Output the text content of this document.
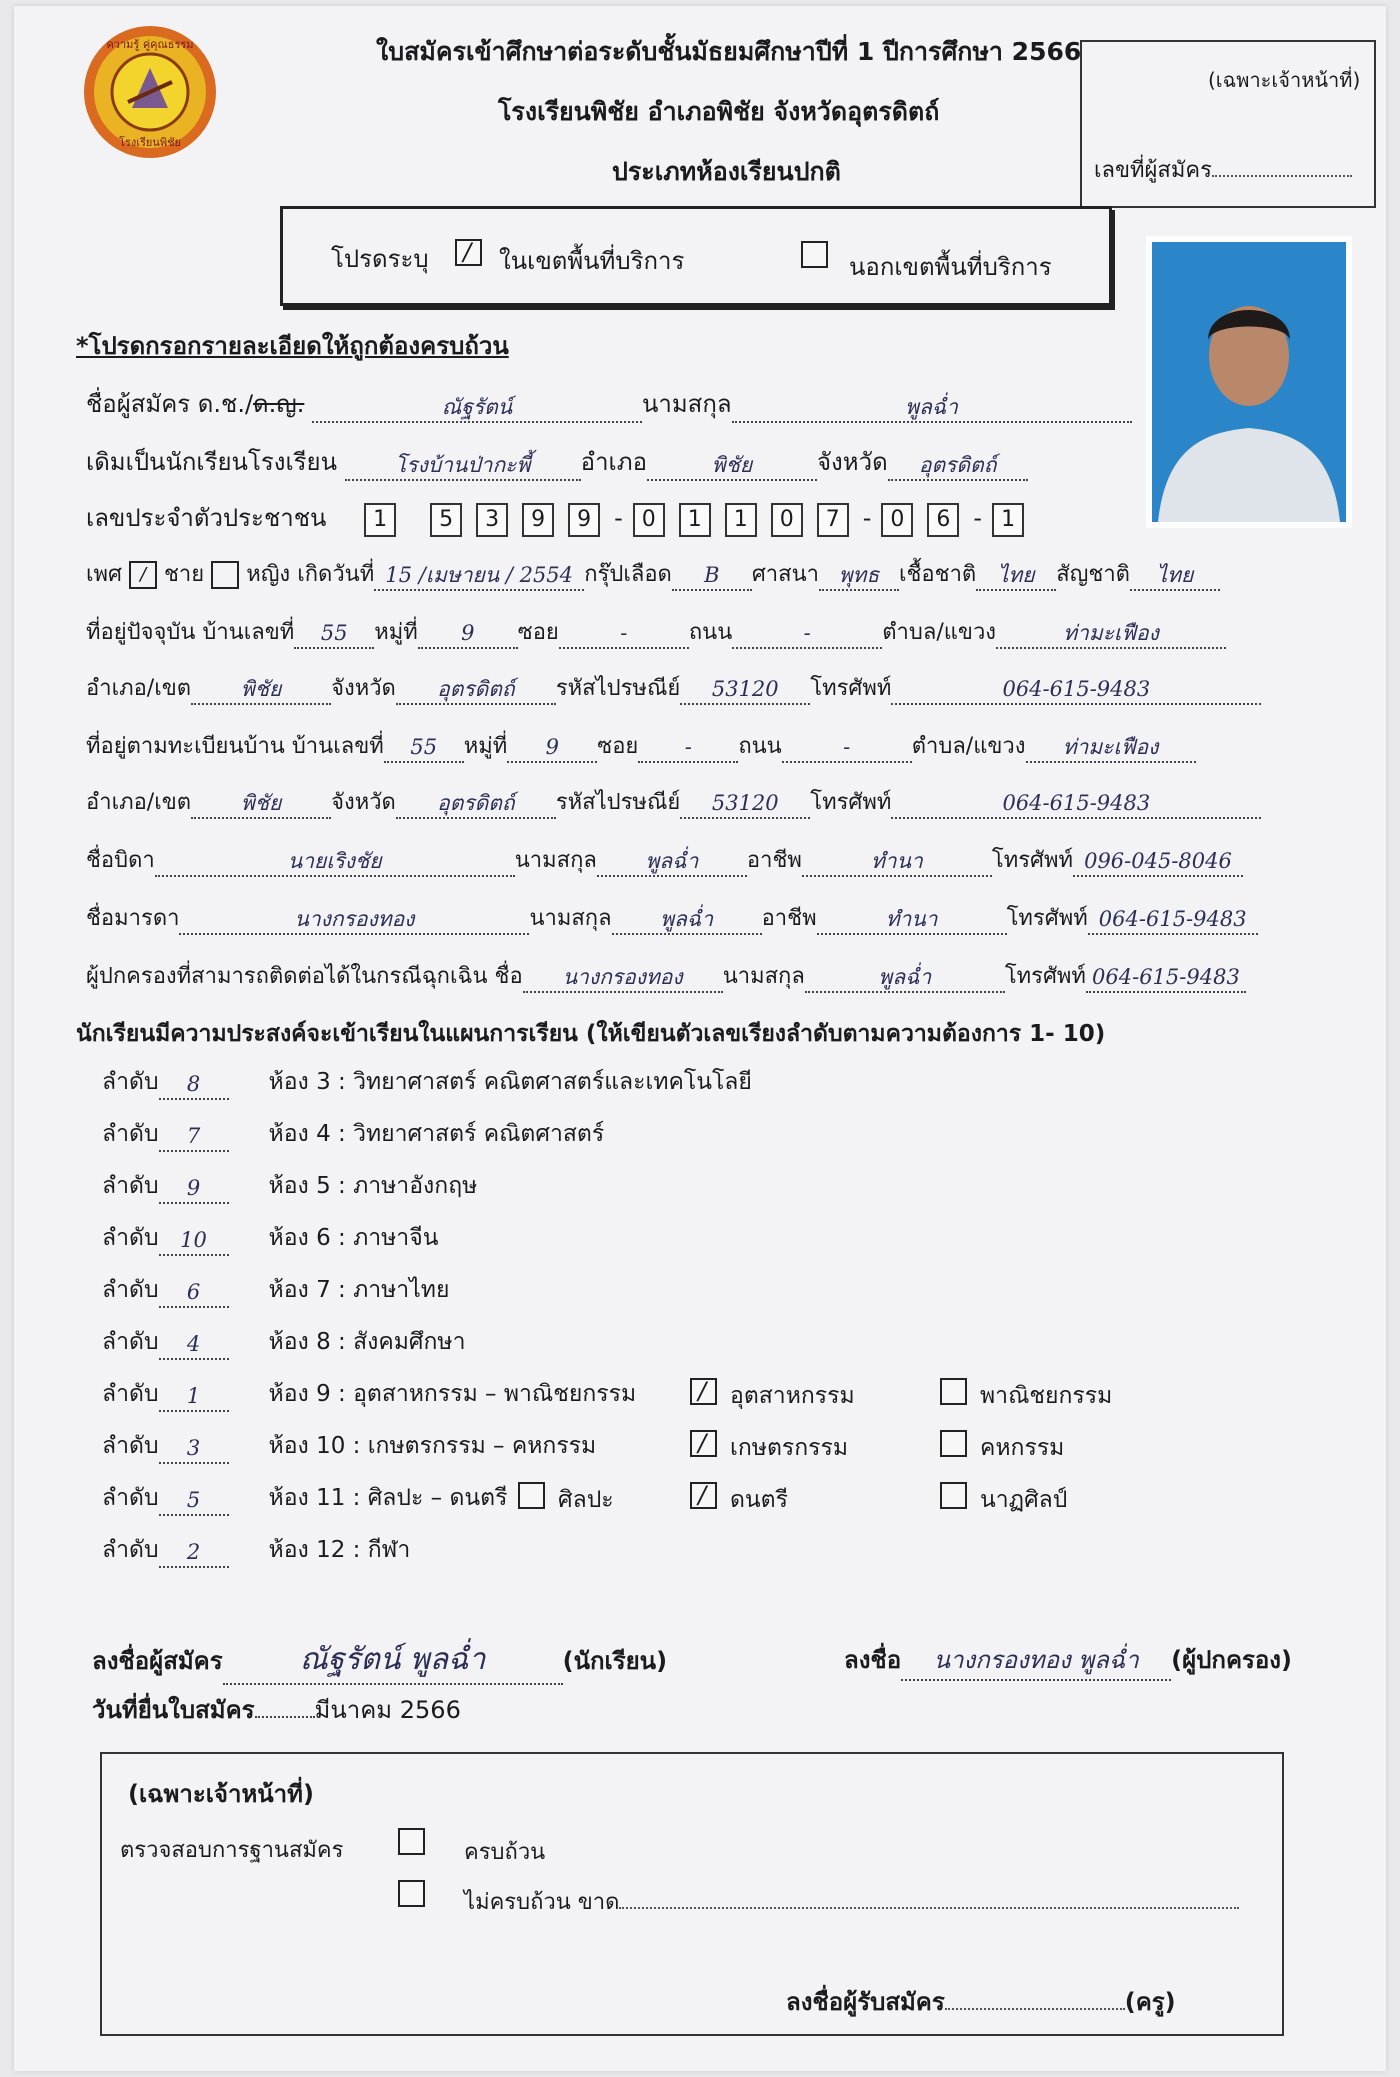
ความรู้ คู่คุณธรรม
โรงเรียนพิชัย
ใบสมัครเข้าศึกษาต่อระดับชั้นมัธยมศึกษาปีที่ 1 ปีการศึกษา 2566
โรงเรียนพิชัย อำเภอพิชัย จังหวัดอุตรดิตถ์
ประเภทห้องเรียนปกติ
(เฉพาะเจ้าหน้าที่)
เลขที่ผู้สมัคร
โปรดระบุ /	ในเขตพื้นที่บริการ	นอกเขตพื้นที่บริการ
*โปรดกรอกรายละเอียดให้ถูกต้องครบถ้วน
ชื่อผู้สมัคร ด.ช./ด.ญ.	ณัฐรัตน์	นามสกุล	พูลฉ่ำ
เดิมเป็นนักเรียนโรงเรียน	โรงบ้านป่ากะพี้ อำเภอ	พิชัย	จังหวัด อุตรดิตถ์
เลขประจำตัวประชาชน 1 5 3 9 9 - 0 1 1 0 7 - 0 6 - 1
เพศ / ชาย หญิง เกิดวันที่ 15 /เมษายน / 2554 กรุ๊ปเลือด B ศาสนา พุทธ เชื้อชาติ ไทย สัญชาติ ไทย
ที่อยู่ปัจจุบัน บ้านเลขที่ 55 หมู่ที่ 9 ซอย	-	ถนน	-	ตำบล/แขวง	ท่ามะเฟือง
อำเภอ/เขต พิชัย จังหวัด อุตรดิตถ์ รหัสไปรษณีย์ 53120 โทรศัพท์	064-615-9483
ที่อยู่ตามทะเบียนบ้าน บ้านเลขที่ 55 หมู่ที่ 9 ซอย - ถนน	-	ตำบล/แขวง ท่ามะเฟือง
อำเภอ/เขต พิชัย จังหวัด อุตรดิตถ์ รหัสไปรษณีย์ 53120 โทรศัพท์	064-615-9483
ชื่อบิดา	นายเริงชัย	นามสกุล พูลฉ่ำ อาชีพ	ทำนา	โทรศัพท์ 096-045-8046
ชื่อมารดา	นางกรองทอง	นามสกุล พูลฉ่ำ อาชีพ	ทำนา	โทรศัพท์ 064-615-9483
ผู้ปกครองที่สามารถติดต่อได้ในกรณีฉุกเฉิน ชื่อ นางกรองทอง นามสกุล	พูลฉ่ำ	โทรศัพท์ 064-615-9483
นักเรียนมีความประสงค์จะเข้าเรียนในแผนการเรียน (ให้เขียนตัวเลขเรียงลำดับตามความต้องการ 1- 10)
ลำดับ 8	ห้อง 3 : วิทยาศาสตร์ คณิตศาสตร์และเทคโนโลยี
ลำดับ 7	ห้อง 4 : วิทยาศาสตร์ คณิตศาสตร์
ลำดับ 9	ห้อง 5 : ภาษาอังกฤษ
ลำดับ 10	ห้อง 6 : ภาษาจีน
ลำดับ 6	ห้อง 7 : ภาษาไทย
ลำดับ 4	ห้อง 8 : สังคมศึกษา
ลำดับ 1	ห้อง 9 : อุตสาหกรรม – พาณิชยกรรม /	อุตสาหกรรม	พาณิชยกรรม
ลำดับ 3	ห้อง 10 : เกษตรกรรม – คหกรรม /	เกษตรกรรม	คหกรรม
ลำดับ 5	ห้อง 11 : ศิลปะ – ดนตรี ศิลปะ /	ดนตรี	นาฏศิลป์
ลำดับ 2	ห้อง 12 : กีฬา
ลงชื่อผู้สมัคร	ณัฐรัตน์ พูลฉ่ำ	(นักเรียน)	ลงชื่อ นางกรองทอง พูลฉ่ำ (ผู้ปกครอง)
วันที่ยื่นใบสมัคร	มีนาคม 2566
(เฉพาะเจ้าหน้าที่)
ตรวจสอบการฐานสมัคร	ครบถ้วน
ไม่ครบถ้วน ขาด
ลงชื่อผู้รับสมัคร	(ครู)
